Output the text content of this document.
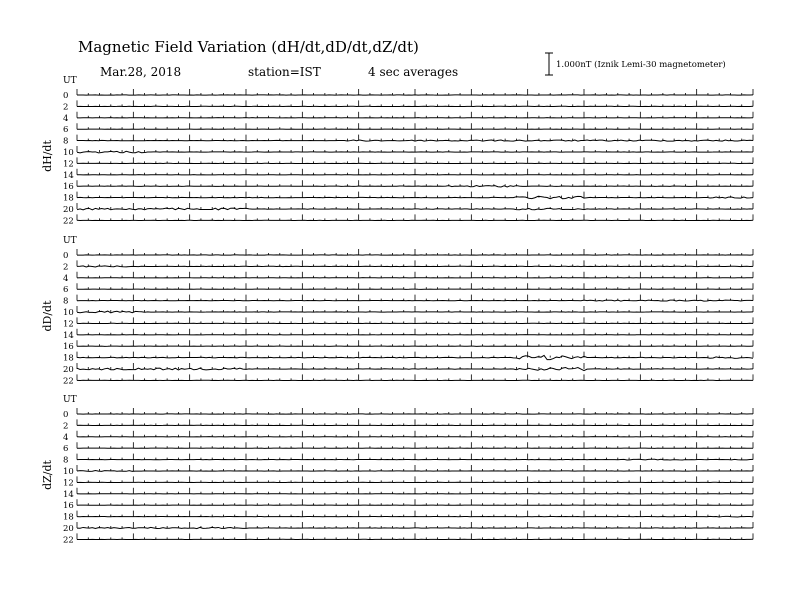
Magnetic Field Variation (dH/dt,dD/dt,dZ/dt)
Mar.28, 2018	station=IST	4 sec averages	1.000nT (Iznik Lemi-30 magnetometer)
UT
dH/dt
0
2
4
6
8
10
12
14
16
18
20
22
UT
dD/dt
0
2
4
6
8
10
12
14
16
18
20
22
UT
dZ/dt
0
2
4
6
8
10
12
14
16
18
20
22
